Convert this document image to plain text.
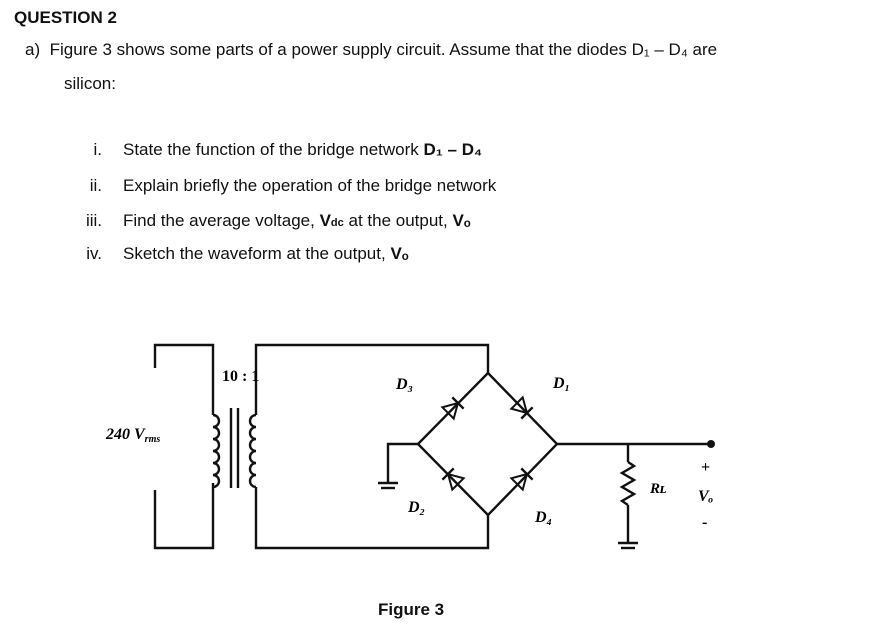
QUESTION 2
a) Figure 3 shows some parts of a power supply circuit. Assume that the diodes D₁ – D₄ are
silicon:
i. State the function of the bridge network D₁ – D₄
ii. Explain briefly the operation of the bridge network
iii. Find the average voltage, Vdc at the output, Vₒ
iv. Sketch the waveform at the output, Vₒ
10 : 1
240 Vrms
D₃	D₁
D₂
D₄
Rʟ
+
Vₒ
-
Figure 3
